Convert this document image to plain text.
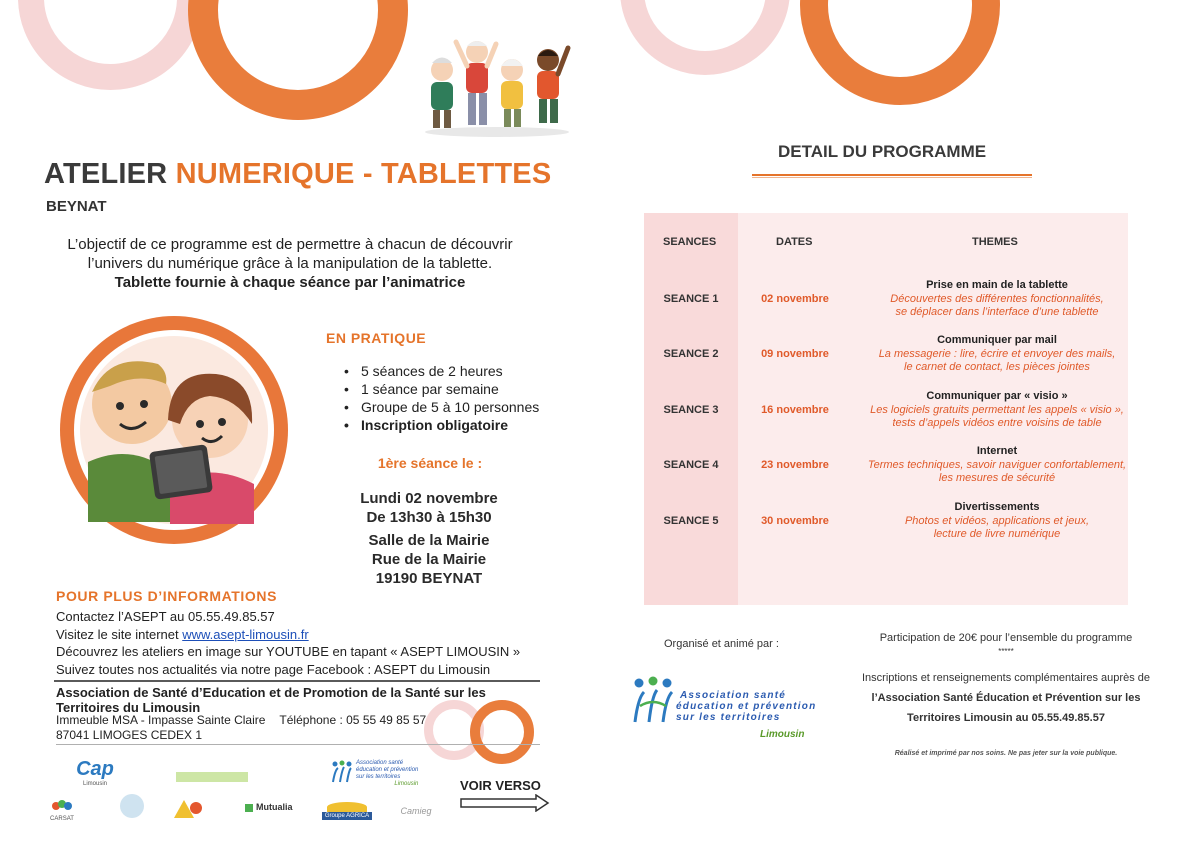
ATELIER NUMERIQUE - TABLETTES
BEYNAT
L’objectif de ce programme est de permettre à chacun de découvrir
l’univers du numérique grâce à la manipulation de la tablette.
Tablette fournie à chaque séance par l’animatrice
EN PRATIQUE
• 5 séances de 2 heures
• 1 séance par semaine
• Groupe de 5 à 10 personnes
• Inscription obligatoire
1ère séance le :
Lundi 02 novembre
De 13h30 à 15h30
Salle de la Mairie
Rue de la Mairie
19190 BEYNAT
POUR PLUS D’INFORMATIONS
Contactez l’ASEPT au 05.55.49.85.57
Visitez le site internet www.asept-limousin.fr
Découvrez les ateliers en image sur YOUTUBE en tapant « ASEPT LIMOUSIN »
Suivez toutes nos actualités via notre page Facebook : ASEPT du Limousin
Association de Santé d’Education et de Promotion de la Santé sur les Territoires du Limousin
Immeuble MSA - Impasse Sainte Claire Téléphone : 05 55 49 85 57
87041 LIMOGES CEDEX 1
Cap
Limousin
CARSAT
Mutualia
Association santé
éducation et prévention
sur les territoires
Limousin
Groupe AGRICA	Camieg
VOIR VERSO
DETAIL DU PROGRAMME
SEANCES	DATES	THEMES
SEANCE 1	02 novembre
Prise en main de la tablette
Découvertes des différentes fonctionnalités,
se déplacer dans l’interface d’une tablette
SEANCE 2	09 novembre
Communiquer par mail
La messagerie : lire, écrire et envoyer des mails,
le carnet de contact, les pièces jointes
SEANCE 3	16 novembre
Communiquer par « visio »
Les logiciels gratuits permettant les appels « visio »,
tests d’appels vidéos entre voisins de table
SEANCE 4	23 novembre
Internet
Termes techniques, savoir naviguer confortablement,
les mesures de sécurité
SEANCE 5	30 novembre
Divertissements
Photos et vidéos, applications et jeux,
lecture de livre numérique
Organisé et animé par :
Association santé
éducation et prévention
sur les territoires
Limousin
Participation de 20€ pour l’ensemble du programme
*****
Inscriptions et renseignements complémentaires auprès de
l’Association Santé Éducation et Prévention sur les
Territoires Limousin au 05.55.49.85.57
Réalisé et imprimé par nos soins. Ne pas jeter sur la voie publique.
